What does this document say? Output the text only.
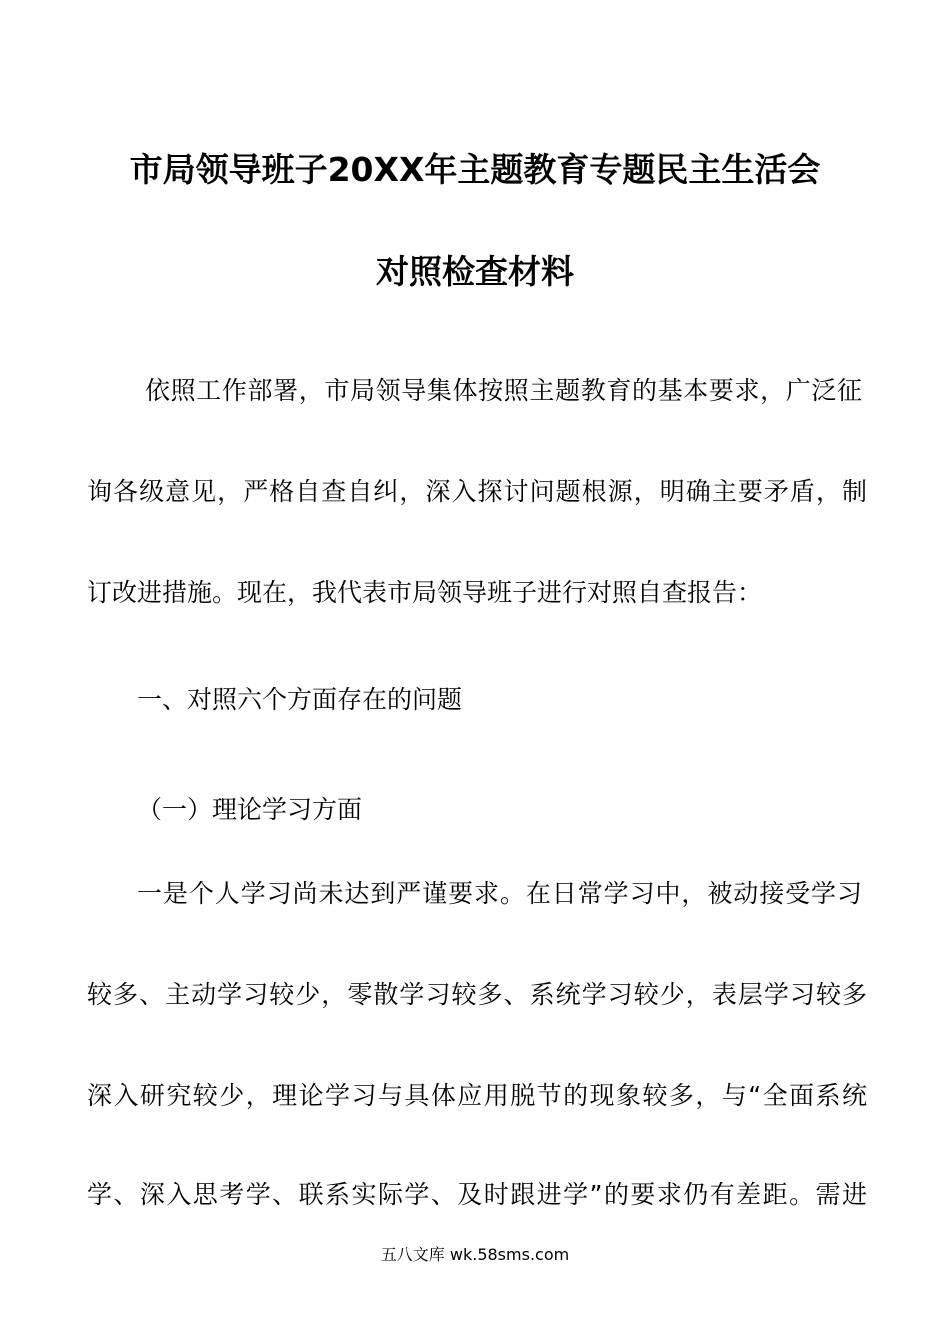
市局领导班子20XX年主题教育专题民主生活会
对照检查材料
依照工作部署，市局领导集体按照主题教育的基本要求，广泛征
询各级意见，严格自查自纠，深入探讨问题根源，明确主要矛盾，制
订改进措施。现在，我代表市局领导班子进行对照自查报告：
一、对照六个方面存在的问题
（一）理论学习方面
一是个人学习尚未达到严谨要求。在日常学习中，被动接受学习
较多、主动学习较少，零散学习较多、系统学习较少，表层学习较多
深入研究较少，理论学习与具体应用脱节的现象较多，与“全面系统
学、深入思考学、联系实际学、及时跟进学”的要求仍有差距。需进
五八文库 wk.58sms.com
